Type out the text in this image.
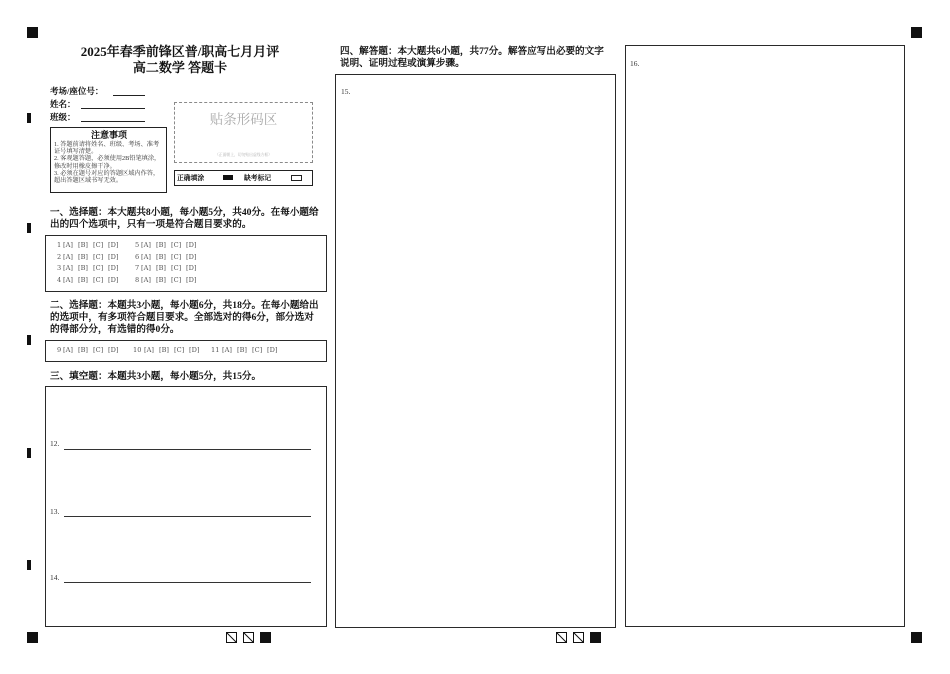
2025年春季前锋区普/职高七月月评
高二数学 答题卡
考场/座位号：
姓名：
班级：
注意事项
1. 答题前请将姓名、班级、考场、准考证号填写清楚。
2. 客观题答题，必须使用2B铅笔填涂，修改时用橡皮擦干净。
3. 必须在题号对应的答题区域内作答，超出答题区域书写无效。
贴条形码区
（正面朝上，切勿贴出虚线方框）
正确填涂	缺考标记
一、选择题：本大题共8小题，每小题5分，共40分。在每小题给出的四个选项中，只有一项是符合题目要求的。
1 [A] [B] [C] [D]
2 [A] [B] [C] [D]
3 [A] [B] [C] [D]
4 [A] [B] [C] [D]
5 [A] [B] [C] [D]
6 [A] [B] [C] [D]
7 [A] [B] [C] [D]
8 [A] [B] [C] [D]
二、选择题：本题共3小题，每小题6分，共18分。在每小题给出的选项中，有多项符合题目要求。全部选对的得6分，部分选对的得部分分，有选错的得0分。
9 [A] [B] [C] [D]	10 [A] [B] [C] [D]	11 [A] [B] [C] [D]
三、填空题：本题共3小题，每小题5分，共15分。
12.
13.
14.
四、解答题：本大题共6小题，共77分。解答应写出必要的文字说明、证明过程或演算步骤。
15.
16.
